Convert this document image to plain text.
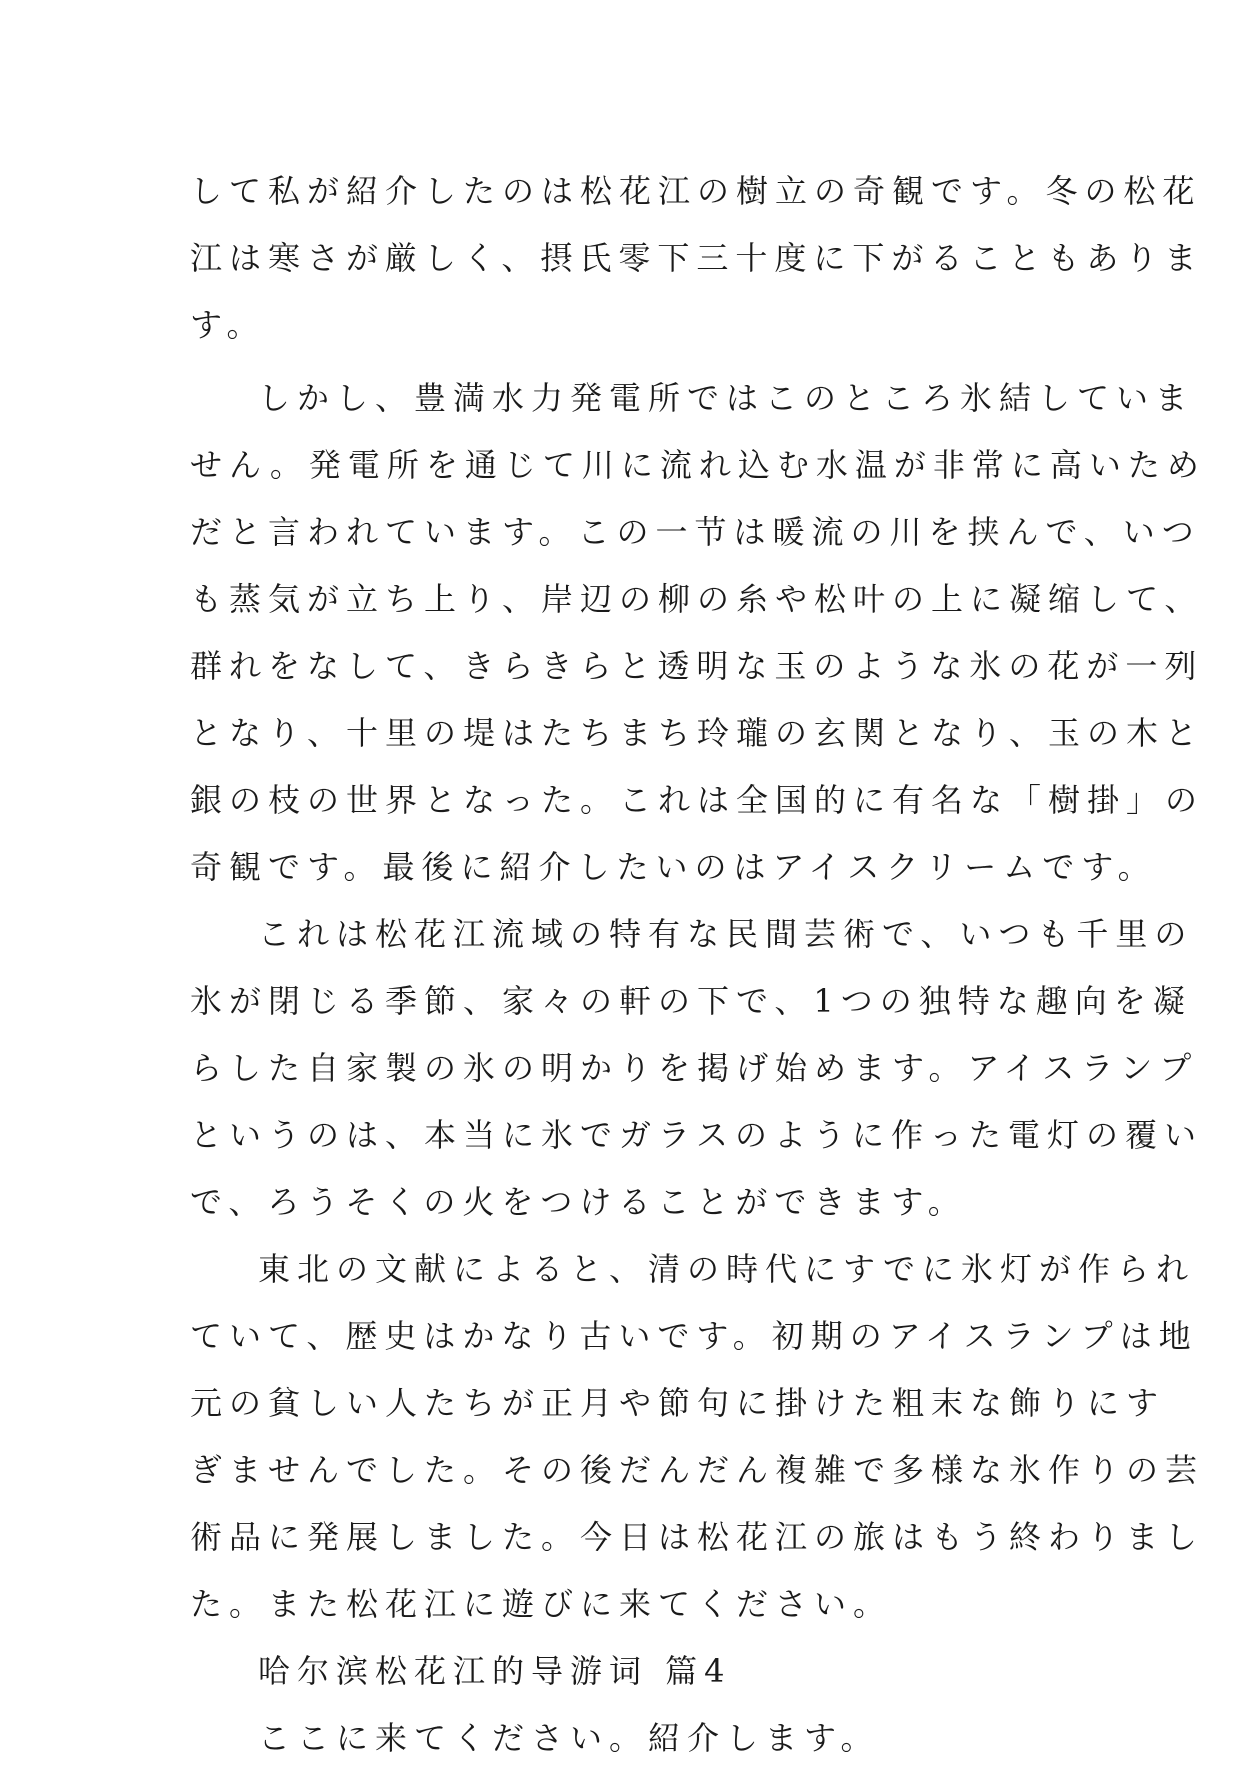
して私が紹介したのは松花江の樹立の奇観です。冬の松花
江は寒さが厳しく、摂氏零下三十度に下がることもありま
す。
しかし、豊満水力発電所ではこのところ氷結していま
せん。発電所を通じて川に流れ込む水温が非常に高いため
だと言われています。この一节は暖流の川を挟んで、いつ
も蒸気が立ち上り、岸辺の柳の糸や松叶の上に凝缩して、
群れをなして、きらきらと透明な玉のような氷の花が一列
となり、十里の堤はたちまち玲瓏の玄関となり、玉の木と
銀の枝の世界となった。これは全国的に有名な「樹掛」の
奇観です。最後に紹介したいのはアイスクリームです。
これは松花江流域の特有な民間芸術で、いつも千里の
氷が閉じる季節、家々の軒の下で、1つの独特な趣向を凝
らした自家製の氷の明かりを掲げ始めます。アイスランプ
というのは、本当に氷でガラスのように作った電灯の覆い
で、ろうそくの火をつけることができます。
東北の文献によると、清の時代にすでに氷灯が作られ
ていて、歴史はかなり古いです。初期のアイスランプは地
元の貧しい人たちが正月や節句に掛けた粗末な飾りにす
ぎませんでした。その後だんだん複雑で多様な氷作りの芸
術品に発展しました。今日は松花江の旅はもう終わりまし
た。また松花江に遊びに来てください。
哈尔滨松花江的导游词 篇4
ここに来てください。紹介します。
